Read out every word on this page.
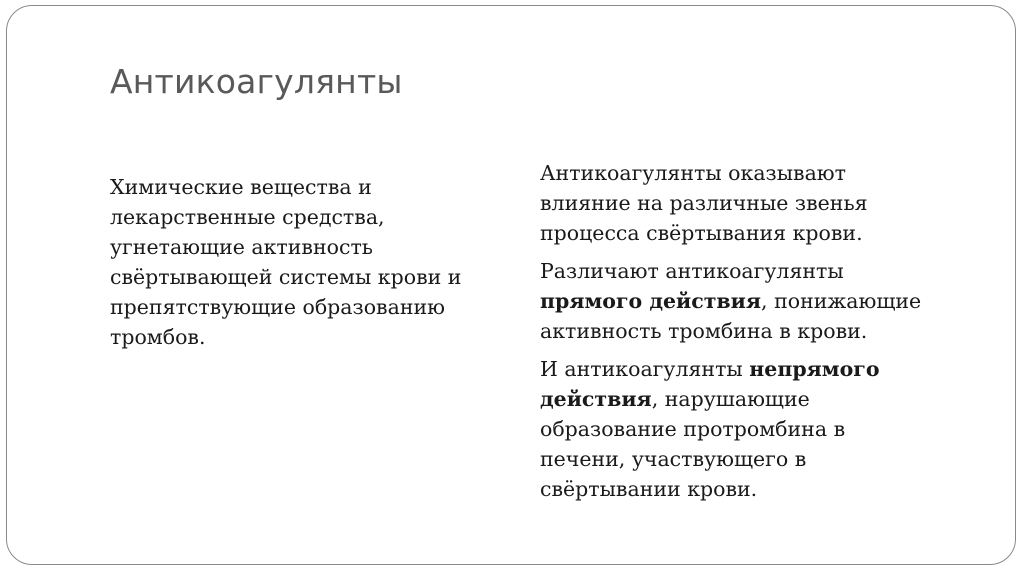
Антикоагулянты

Химические вещества и
лекарственные средства,
угнетающие активность
свёртывающей системы крови и
препятствующие образованию
тромбов.

Антикоагулянты оказывают
влияние на различные звенья
процесса свёртывания крови.

Различают антикоагулянты
прямого действия, понижающие
активность тромбина в крови.

И антикоагулянты непрямого
действия, нарушающие
образование протромбина в
печени, участвующего в
свёртывании крови.
